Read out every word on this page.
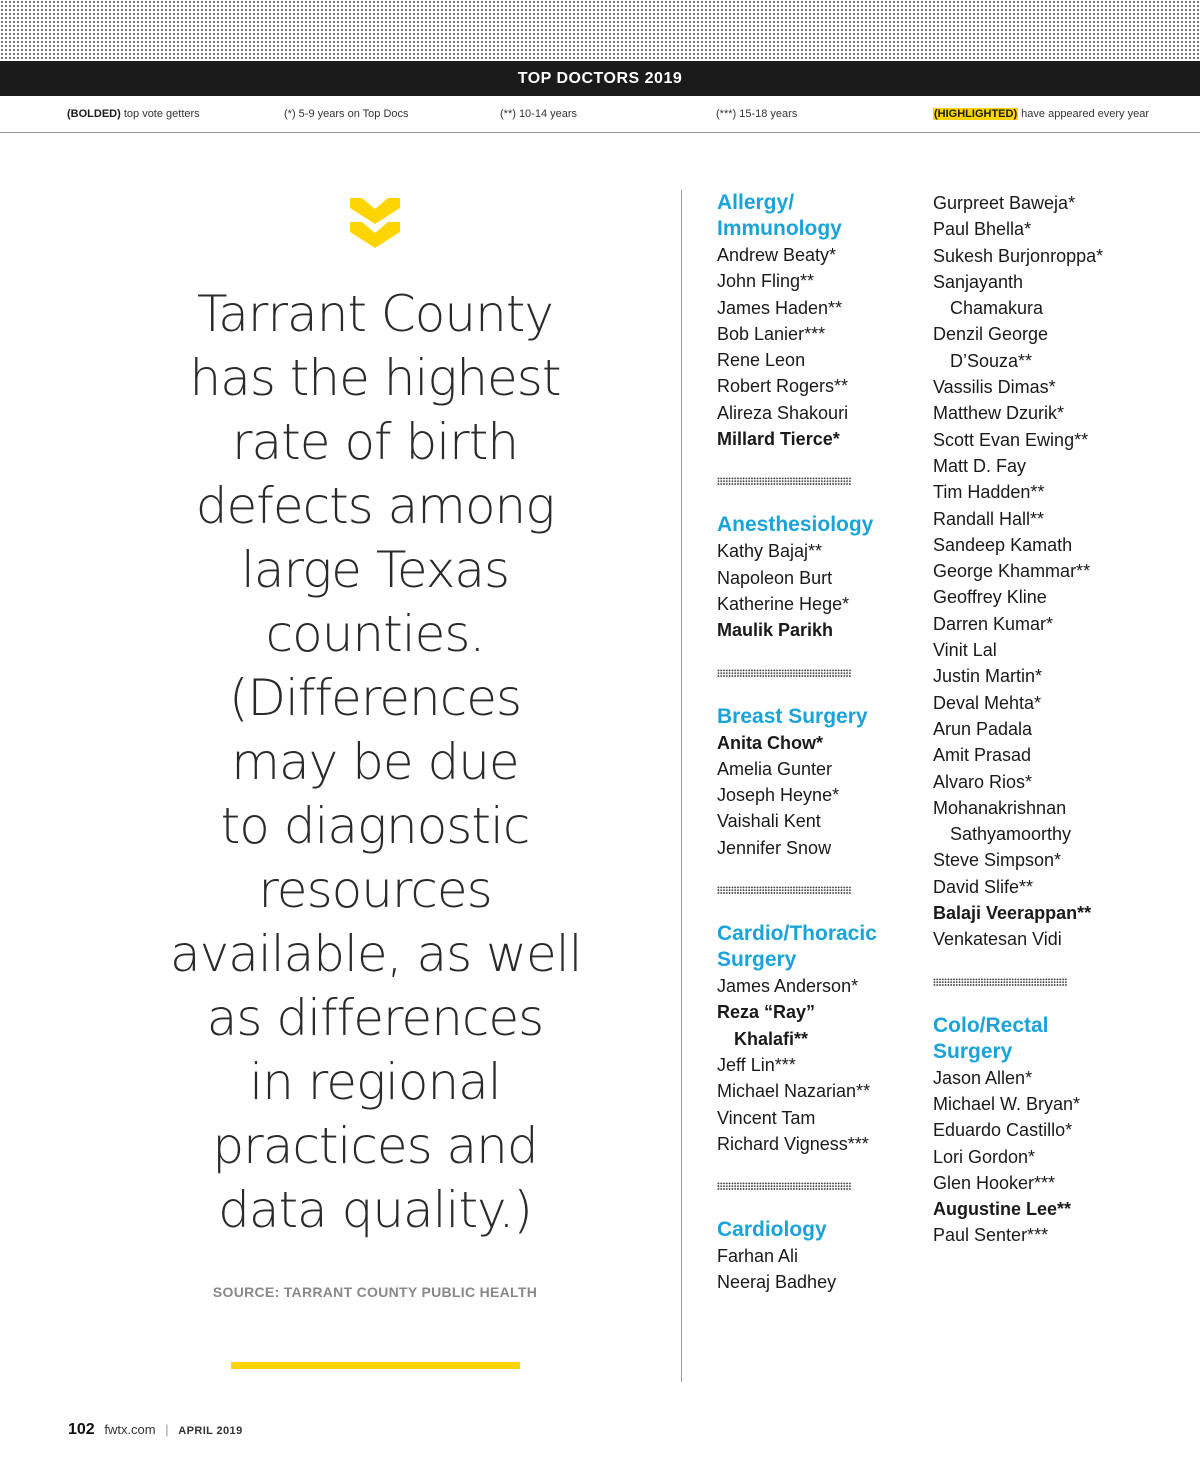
TOP DOCTORS 2019
(BOLDED) top vote getters	(*) 5-9 years on Top Docs	(**) 10-14 years	(***) 15-18 years	(HIGHLIGHTED) have appeared every year
Tarrant County
has the highest
rate of birth
defects among
large Texas
counties.
(Differences
may be due
to diagnostic
resources
available, as well
as differences
in regional
practices and
data quality.)
SOURCE: TARRANT COUNTY PUBLIC HEALTH
Allergy/
Immunology
Andrew Beaty*
John Fling**
James Haden**
Bob Lanier***
Rene Leon
Robert Rogers**
Alireza Shakouri
Millard Tierce*
Anesthesiology
Kathy Bajaj**
Napoleon Burt
Katherine Hege*
Maulik Parikh
Breast Surgery
Anita Chow*
Amelia Gunter
Joseph Heyne*
Vaishali Kent
Jennifer Snow
Cardio/Thoracic
Surgery
James Anderson*
Reza “Ray”
Khalafi**
Jeff Lin***
Michael Nazarian**
Vincent Tam
Richard Vigness***
Cardiology
Farhan Ali
Neeraj Badhey
Gurpreet Baweja*
Paul Bhella*
Sukesh Burjonroppa*
Sanjayanth
Chamakura
Denzil George
D’Souza**
Vassilis Dimas*
Matthew Dzurik*
Scott Evan Ewing**
Matt D. Fay
Tim Hadden**
Randall Hall**
Sandeep Kamath
George Khammar**
Geoffrey Kline
Darren Kumar*
Vinit Lal
Justin Martin*
Deval Mehta*
Arun Padala
Amit Prasad
Alvaro Rios*
Mohanakrishnan
Sathyamoorthy
Steve Simpson*
David Slife**
Balaji Veerappan**
Venkatesan Vidi
Colo/Rectal
Surgery
Jason Allen*
Michael W. Bryan*
Eduardo Castillo*
Lori Gordon*
Glen Hooker***
Augustine Lee**
Paul Senter***
102 fwtx.com | APRIL 2019
